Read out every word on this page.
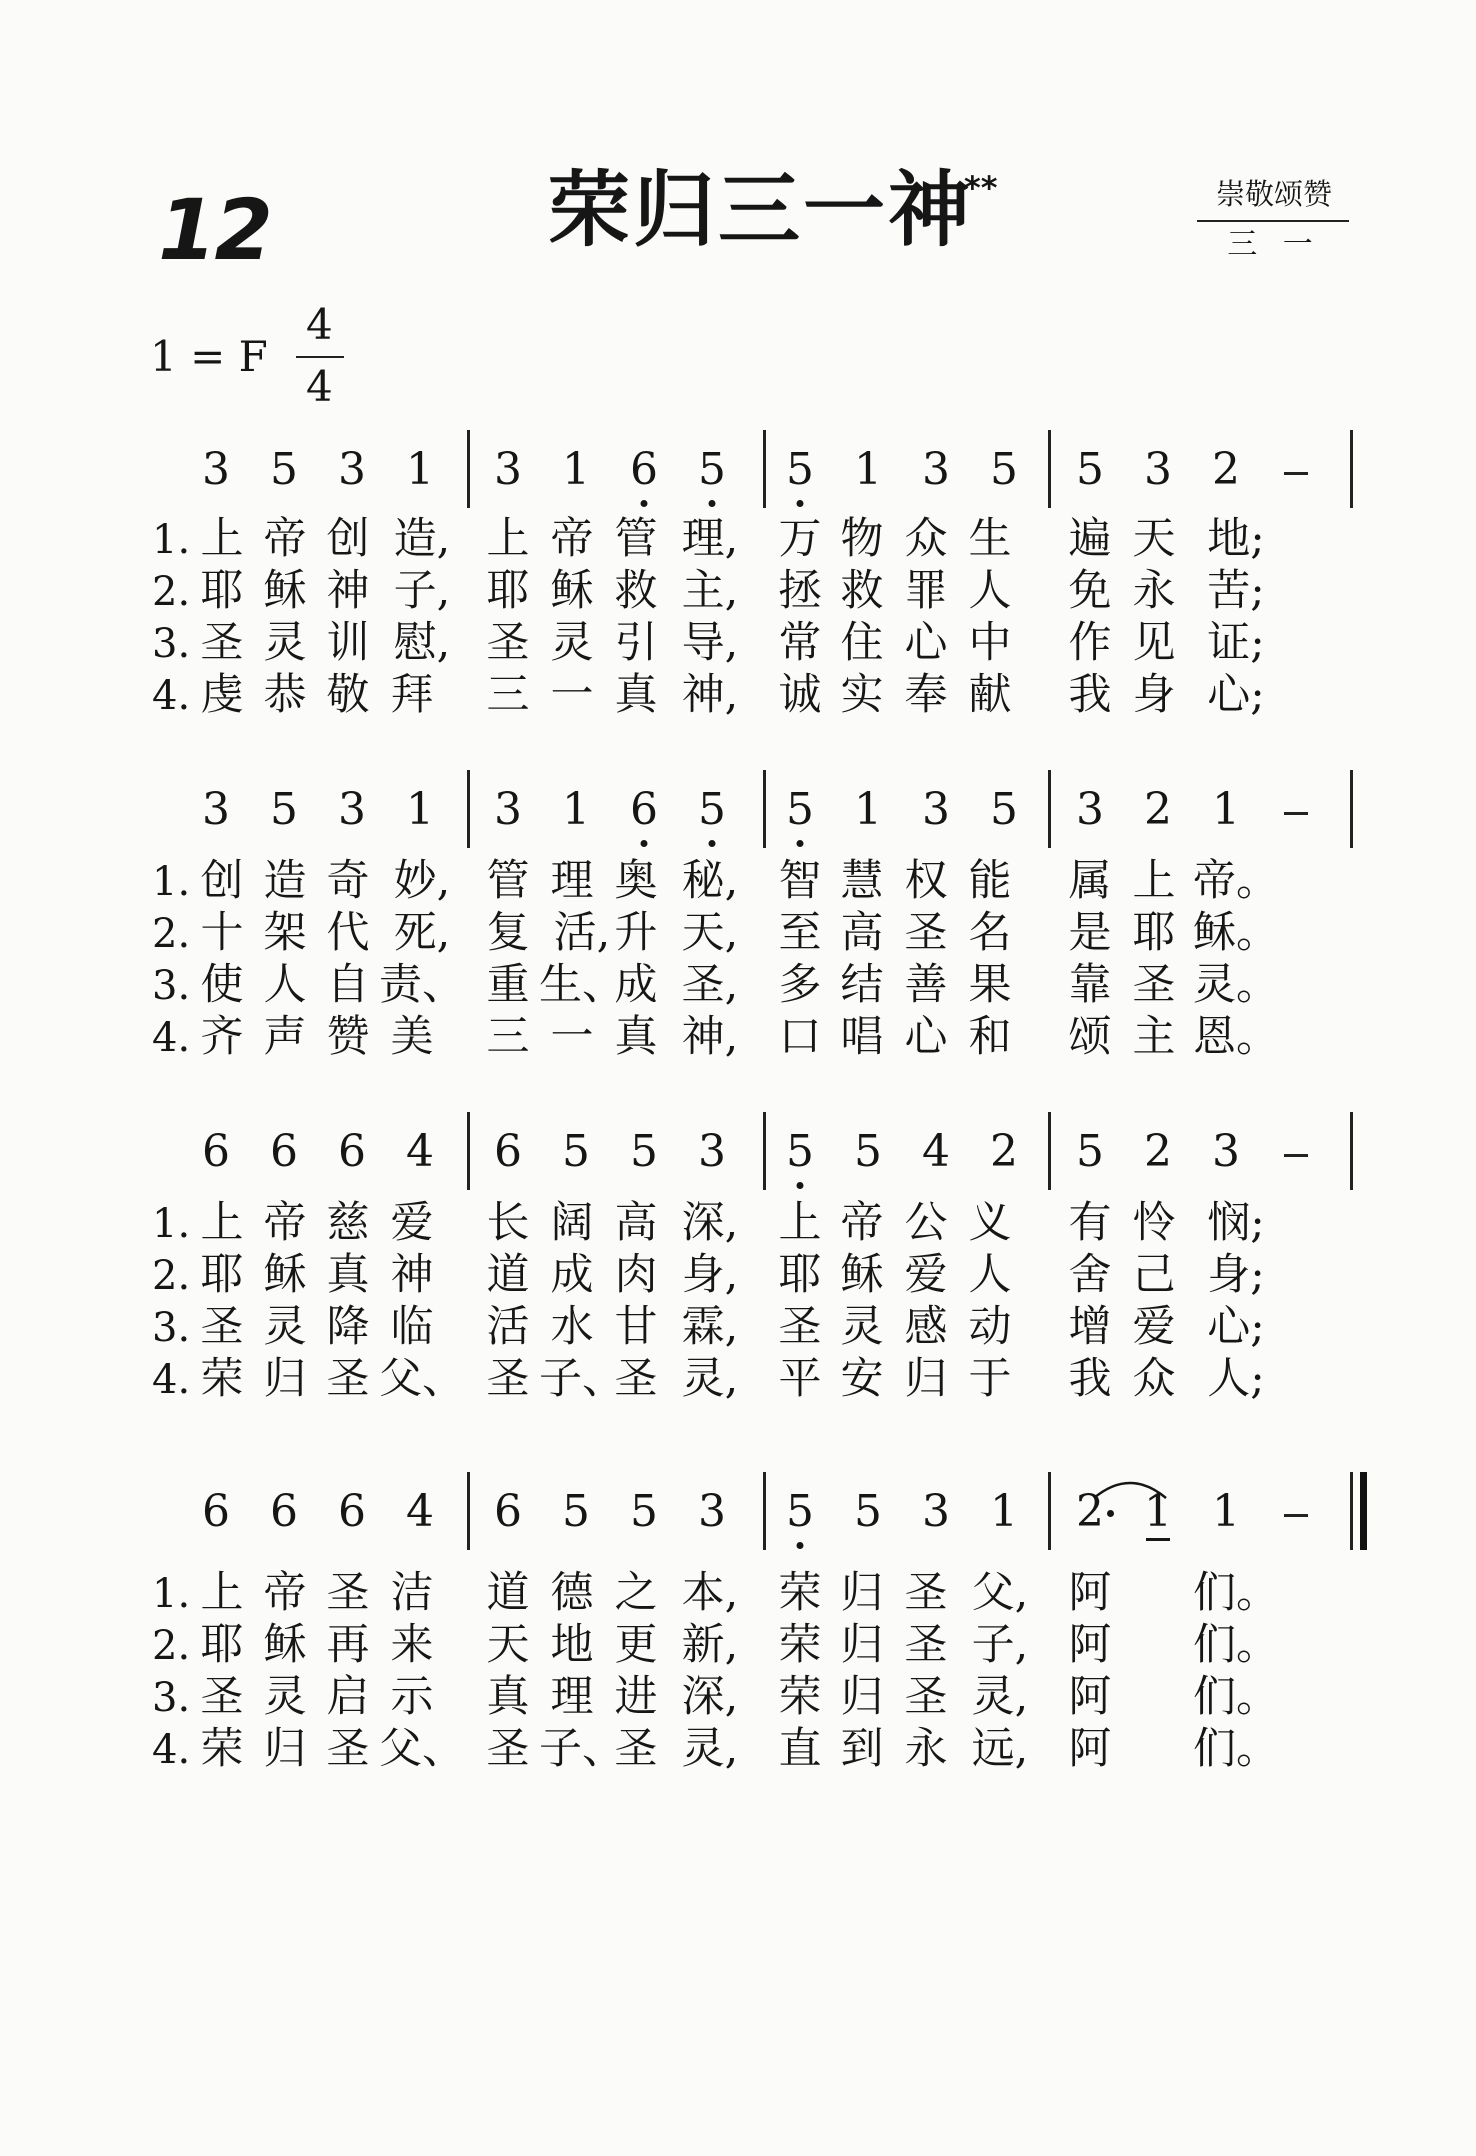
12	荣归三一神
**	崇敬颂赞
三 一
1 = F
4
4
3 5 3 1 3 1 6 5 5 1 3 5 5 3 2
1. 上 帝 创 造, 上 帝 管 理, 万 物 众 生 遍 天 地;
2. 耶 稣 神 子, 耶 稣 救 主, 拯 救 罪 人 免 永 苦;
3. 圣 灵 训 慰, 圣 灵 引 导, 常 住 心 中 作 见 证;
4. 虔 恭 敬 拜 三 一 真 神, 诚 实 奉 献 我 身 心;
3 5 3 1 3 1 6 5 5 1 3 5 3 2 1
1. 创 造 奇 妙, 管 理 奥 秘, 智 慧 权 能 属 上 帝。
2. 十 架 代 死, 复 活, 升 天, 至 高 圣 名 是 耶 稣。
3. 使 人 自 责、 重 生、
成 圣, 多 结 善 果 靠 圣 灵。
4. 齐 声 赞 美 三 一 真 神, 口 唱 心 和 颂 主 恩。
6 6 6 4 6 5 5 3 5 5 4 2 5 2 3
1. 上 帝 慈 爱 长 阔 高 深, 上 帝 公 义 有 怜 悯;
2. 耶 稣 真 神 道 成 肉 身, 耶 稣 爱 人 舍 己 身;
3. 圣 灵 降 临 活 水 甘 霖, 圣 灵 感 动 增 爱 心;
4. 荣 归 圣 父、 圣 子、
圣 灵, 平 安 归 于 我 众 人;
6 6 6 4 6 5 5 3 5 5 3 1 2 1 1
1. 上 帝 圣 洁 道 德 之 本, 荣 归 圣 父, 阿 们。
2. 耶 稣 再 来 天 地 更 新, 荣 归 圣 子, 阿 们。
3. 圣 灵 启 示 真 理 进 深, 荣 归 圣 灵, 阿 们。
4. 荣 归 圣 父、 圣 子、
圣 灵, 直 到 永 远, 阿 们。
